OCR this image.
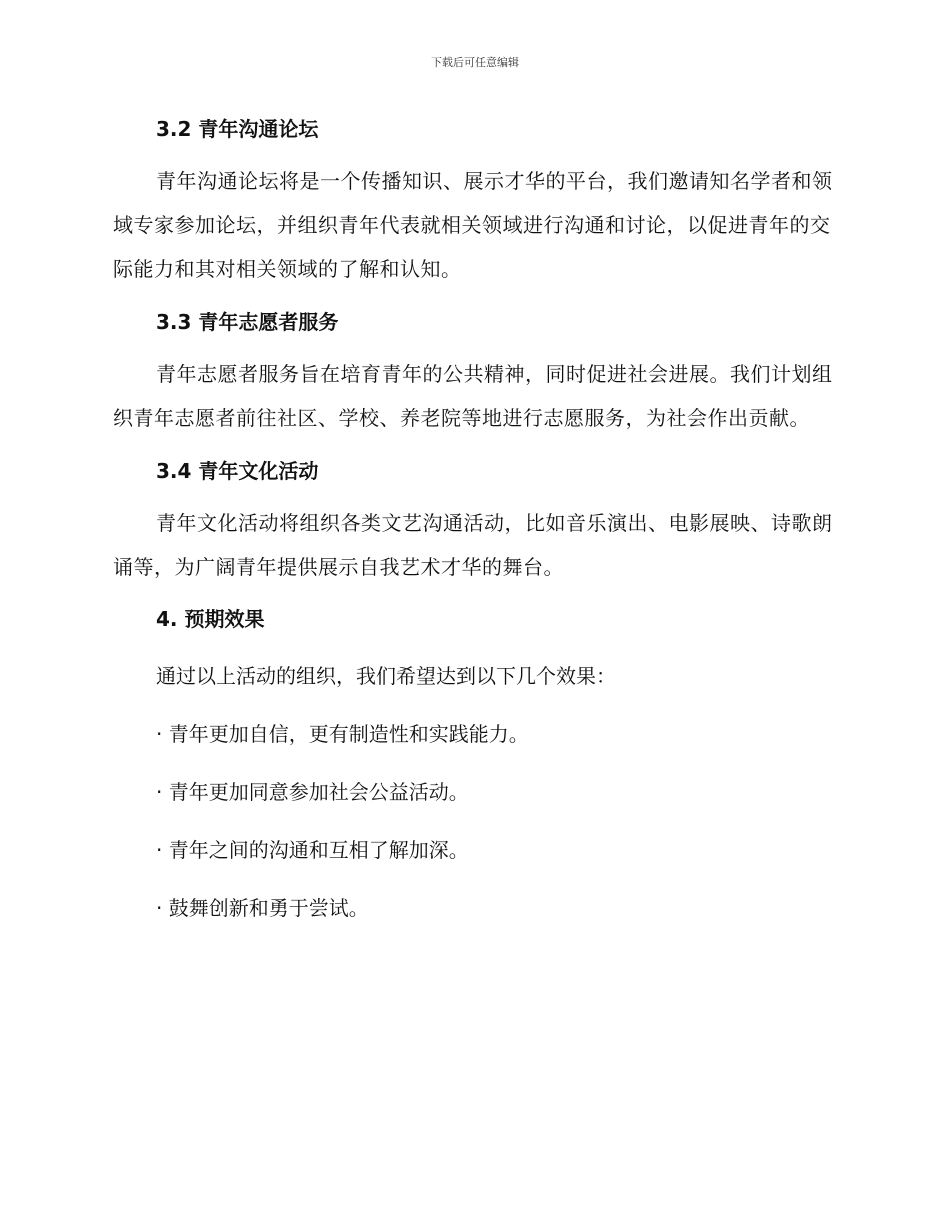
下载后可任意编辑
3.2 青年沟通论坛

青年沟通论坛将是一个传播知识、展示才华的平台，我们邀请知名学者和领域专家参加论坛，并组织青年代表就相关领域进行沟通和讨论，以促进青年的交际能力和其对相关领域的了解和认知。

3.3 青年志愿者服务

青年志愿者服务旨在培育青年的公共精神，同时促进社会进展。我们计划组织青年志愿者前往社区、学校、养老院等地进行志愿服务，为社会作出贡献。

3.4 青年文化活动

青年文化活动将组织各类文艺沟通活动，比如音乐演出、电影展映、诗歌朗诵等，为广阔青年提供展示自我艺术才华的舞台。

4. 预期效果

通过以上活动的组织，我们希望达到以下几个效果：

· 青年更加自信，更有制造性和实践能力。

· 青年更加同意参加社会公益活动。

· 青年之间的沟通和互相了解加深。

· 鼓舞创新和勇于尝试。
